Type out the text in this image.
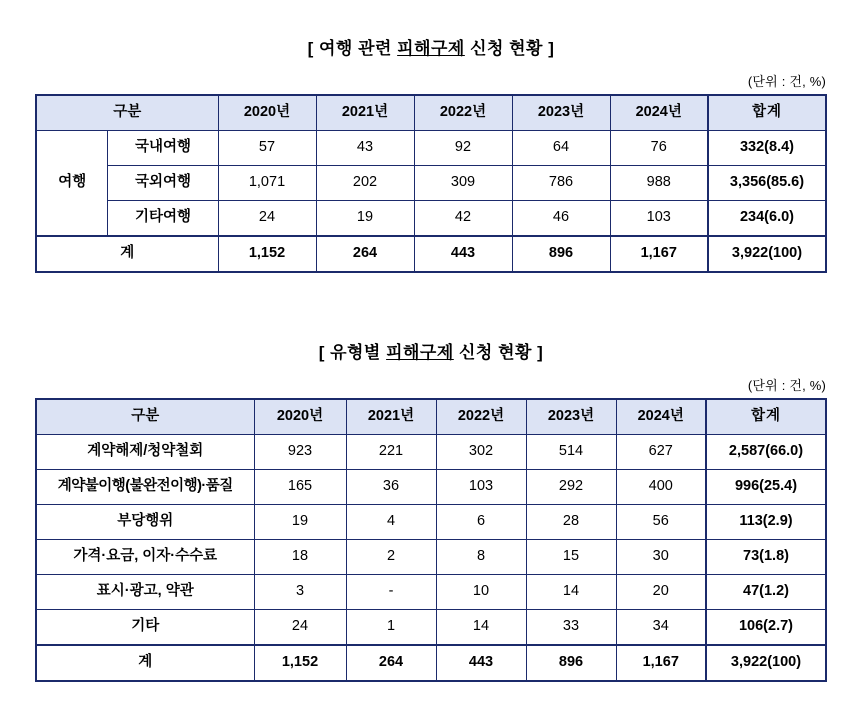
[ 여행 관련 피해구제 신청 현황 ]
(단위 : 건, %)
구분		2020년	2021년	2022년	2023년	2024년	합계
여행	국내여행	57	43	92	64	76	332(8.4)
	국외여행	1,071	202	309	786	988	3,356(85.6)
	기타여행	24	19	42	46	103	234(6.0)
계		1,152	264	443	896	1,167	3,922(100)
[ 유형별 피해구제 신청 현황 ]
(단위 : 건, %)
구분	2020년	2021년	2022년	2023년	2024년	합계
계약해제/청약철회	923	221	302	514	627	2,587(66.0)
계약불이행(불완전이행)·품질	165	36	103	292	400	996(25.4)
부당행위	19	4	6	28	56	113(2.9)
가격·요금, 이자·수수료	18	2	8	15	30	73(1.8)
표시·광고, 약관	3	-	10	14	20	47(1.2)
기타	24	1	14	33	34	106(2.7)
계	1,152	264	443	896	1,167	3,922(100)
